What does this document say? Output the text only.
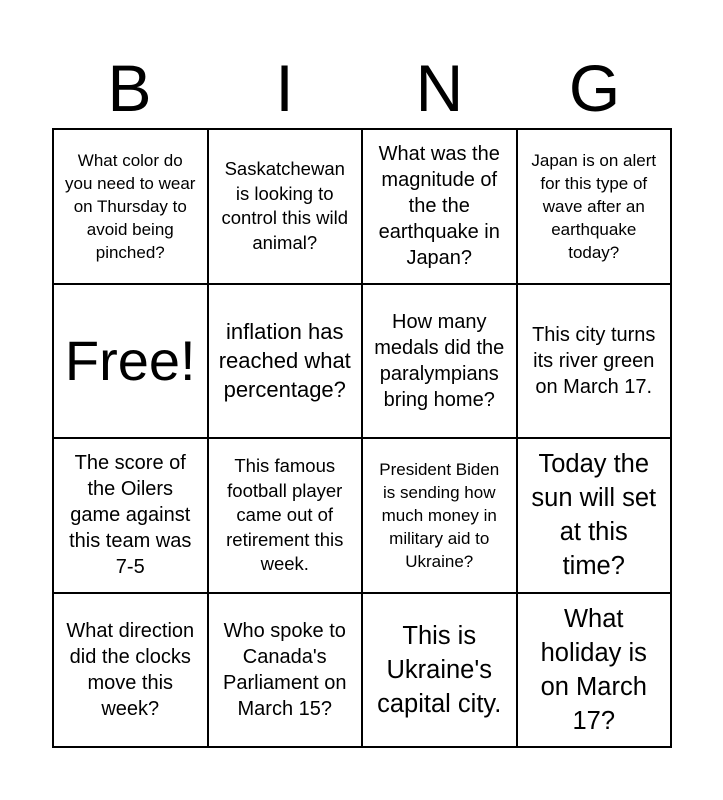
B	I	N	G
What color do you need to wear on Thursday to avoid being pinched?
Saskatchewan is looking to control this wild animal?
What was the magnitude of the the earthquake in Japan?
Japan is on alert for this type of wave after an earthquake today?
Free!	inflation has reached what percentage?
How many medals did the paralympians bring home?
This city turns its river green on March 17.
The score of the Oilers game against this team was 7-5
This famous football player came out of retirement this week.
President Biden is sending how much money in military aid to Ukraine?
Today the sun will set at this time?
What direction did the clocks move this week?
Who spoke to Canada's Parliament on March 15?
This is Ukraine's capital city.
What holiday is on March 17?
